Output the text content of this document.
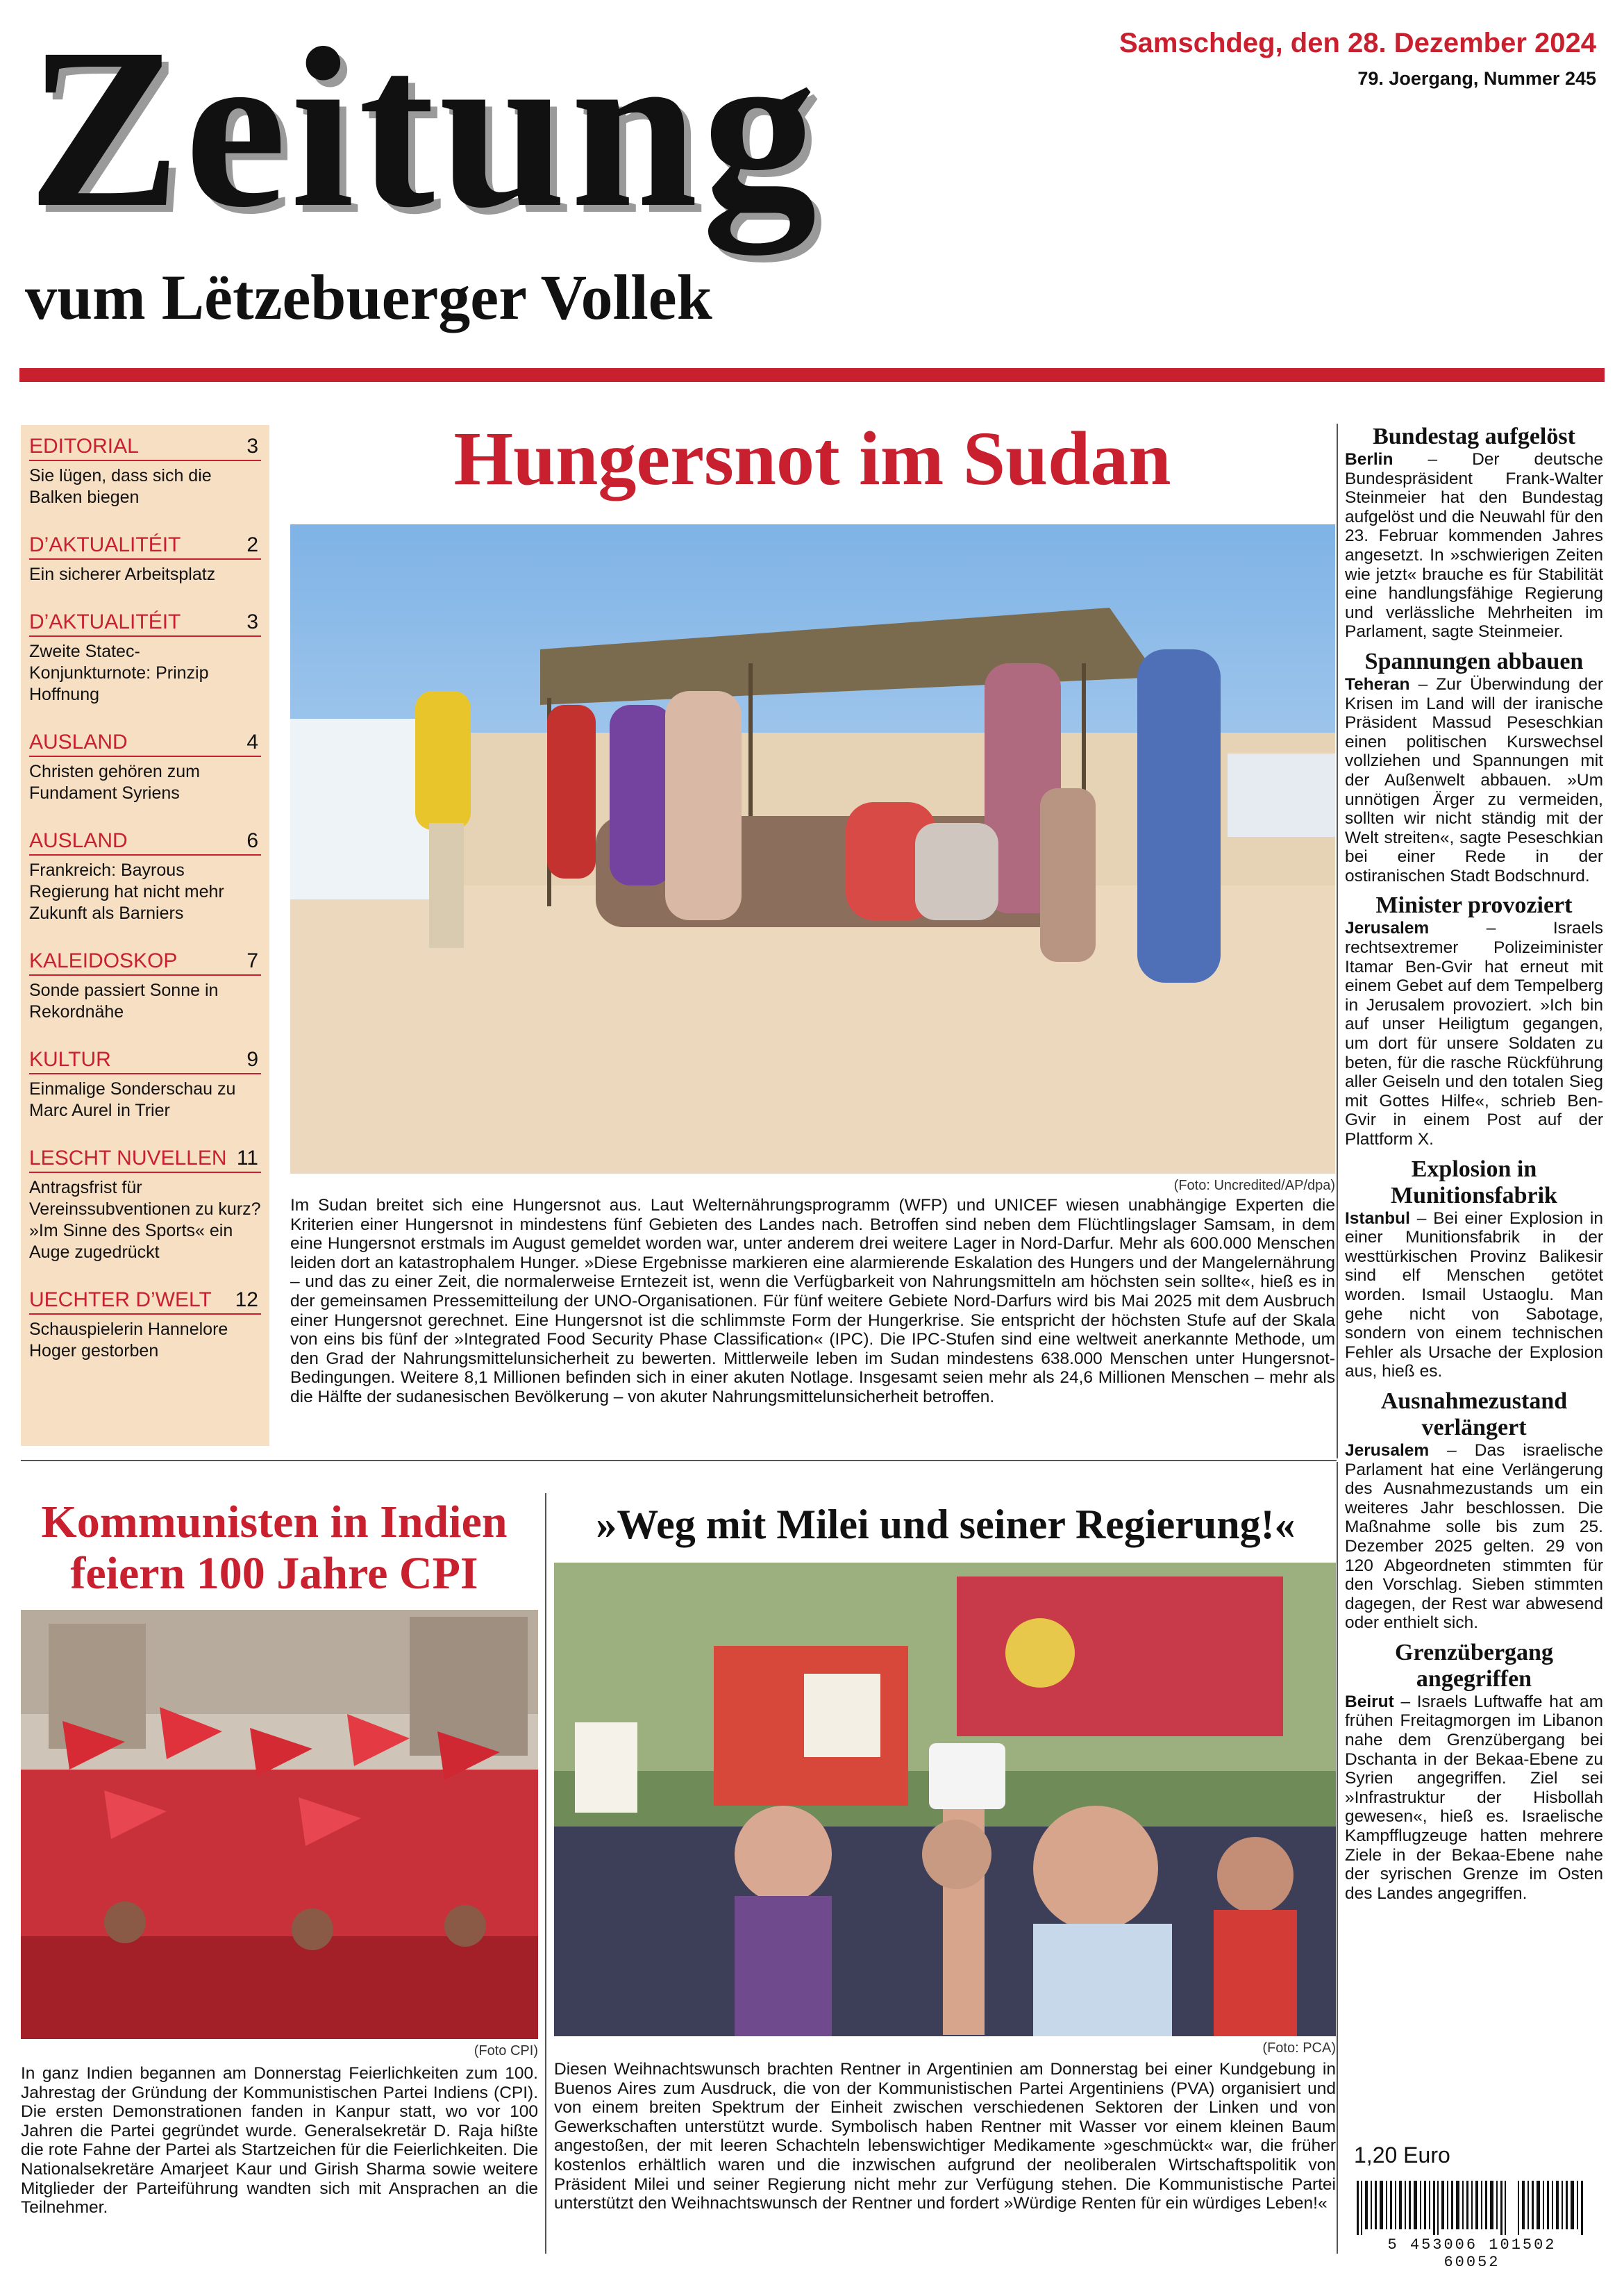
Zeitung
vum Lëtzebuerger Vollek
Samschdeg, den 28. Dezember 2024
79. Joergang, Nummer 245
EDITORIAL	3
Sie lügen, dass sich die Balken biegen
D’AKTUALITÉIT	2
Ein sicherer Arbeitsplatz
D’AKTUALITÉIT	3
Zweite Statec-Konjunkturnote: Prinzip Hoffnung
AUSLAND	4
Christen gehören zum Fundament Syriens
AUSLAND	6
Frankreich: Bayrous Regierung hat nicht mehr Zukunft als Barniers
KALEIDOSKOP	7
Sonde passiert Sonne in Rekordnähe
KULTUR	9
Einmalige Sonderschau zu Marc Aurel in Trier
LESCHT NUVELLEN 11
Antragsfrist für Vereinssubventionen zu kurz? »Im Sinne des Sports« ein Auge zugedrückt
UECHTER D’WELT 12
Schauspielerin Hannelore Hoger gestorben
Hungersnot im Sudan
(Foto: Uncredited/AP/dpa)
Im Sudan breitet sich eine Hungersnot aus. Laut Welternährungsprogramm (WFP) und UNICEF wiesen unabhängige Experten die Kriterien einer Hungersnot in mindestens fünf Gebieten des Landes nach. Betroffen sind neben dem Flüchtlingslager Samsam, in dem eine Hungersnot erstmals im August gemeldet worden war, unter anderem drei weitere Lager in Nord-Darfur. Mehr als 600.000 Menschen leiden dort an katastrophalem Hunger. »Diese Ergebnisse markieren eine alarmierende Eskalation des Hungers und der Mangelernährung – und das zu einer Zeit, die normalerweise Erntezeit ist, wenn die Verfügbarkeit von Nahrungsmitteln am höchsten sein sollte«, hieß es in der gemeinsamen Pressemitteilung der UNO-Organisationen. Für fünf weitere Gebiete Nord-Darfurs wird bis Mai 2025 mit dem Ausbruch einer Hungersnot gerechnet. Eine Hungersnot ist die schlimmste Form der Hungerkrise. Sie entspricht der höchsten Stufe auf der Skala von eins bis fünf der »Integrated Food Security Phase Classification« (IPC). Die IPC-Stufen sind eine weltweit anerkannte Methode, um den Grad der Nahrungsmittelunsicherheit zu bewerten. Mittlerweile leben im Sudan mindestens 638.000 Menschen unter Hungersnot-Bedingungen. Weitere 8,1 Millionen befinden sich in einer akuten Notlage. Insgesamt seien mehr als 24,6 Millionen Menschen – mehr als die Hälfte der sudanesischen Bevölkerung – von akuter Nahrungsmittelunsicherheit betroffen.
Bundestag aufgelöst
Berlin – Der deutsche Bundespräsident Frank-Walter Steinmeier hat den Bundestag aufgelöst und die Neuwahl für den 23. Februar kommenden Jahres angesetzt. In »schwierigen Zeiten wie jetzt« brauche es für Stabilität eine handlungsfähige Regierung und verlässliche Mehrheiten im Parlament, sagte Steinmeier.
Spannungen abbauen
Teheran – Zur Überwindung der Krisen im Land will der iranische Präsident Massud Peseschkian einen politischen Kurswechsel vollziehen und Spannungen mit der Außenwelt abbauen. »Um unnötigen Ärger zu vermeiden, sollten wir nicht ständig mit der Welt streiten«, sagte Peseschkian bei einer Rede in der ostiranischen Stadt Bodschnurd.
Minister provoziert
Jerusalem – Israels rechtsextremer Polizeiminister Itamar Ben-Gvir hat erneut mit einem Gebet auf dem Tempelberg in Jerusalem provoziert. »Ich bin auf unser Heiligtum gegangen, um dort für unsere Soldaten zu beten, für die rasche Rückführung aller Geiseln und den totalen Sieg mit Gottes Hilfe«, schrieb Ben-Gvir in einem Post auf der Plattform X.
Explosion in Munitionsfabrik
Istanbul – Bei einer Explosion in einer Munitionsfabrik in der westtürkischen Provinz Balikesir sind elf Menschen getötet worden. Ismail Ustaoglu. Man gehe nicht von Sabotage, sondern von einem technischen Fehler als Ursache der Explosion aus, hieß es.
Ausnahmezustand verlängert
Jerusalem – Das israelische Parlament hat eine Verlängerung des Ausnahmezustands um ein weiteres Jahr beschlossen. Die Maßnahme solle bis zum 25. Dezember 2025 gelten. 29 von 120 Abgeordneten stimmten für den Vorschlag. Sieben stimmten dagegen, der Rest war abwesend oder enthielt sich.
Grenzübergang angegriffen
Beirut – Israels Luftwaffe hat am frühen Freitagmorgen im Libanon nahe dem Grenzübergang bei Dschanta in der Bekaa-Ebene zu Syrien angegriffen. Ziel sei »Infrastruktur der Hisbollah gewesen«, hieß es. Israelische Kampfflugzeuge hatten mehrere Ziele in der Bekaa-Ebene nahe der syrischen Grenze im Osten des Landes angegriffen.
Kommunisten in Indien feiern 100 Jahre CPI
(Foto CPI)
In ganz Indien begannen am Donnerstag Feierlichkeiten zum 100. Jahrestag der Gründung der Kommunistischen Partei Indiens (CPI). Die ersten Demonstrationen fanden in Kanpur statt, wo vor 100 Jahren die Partei gegründet wurde. Generalsekretär D. Raja hißte die rote Fahne der Partei als Startzeichen für die Feierlichkeiten. Die Nationalsekretäre Amarjeet Kaur und Girish Sharma sowie weitere Mitglieder der Parteiführung wandten sich mit Ansprachen an die Teilnehmer.
»Weg mit Milei und seiner Regierung!«
(Foto: PCA)
Diesen Weihnachtswunsch brachten Rentner in Argentinien am Donnerstag bei einer Kundgebung in Buenos Aires zum Ausdruck, die von der Kommunistischen Partei Argentiniens (PVA) organisiert und von einem breiten Spektrum der Einheit zwischen verschiedenen Sektoren der Linken und von Gewerkschaften unterstützt wurde. Symbolisch haben Rentner mit Wasser vor einem kleinen Baum angestoßen, der mit leeren Schachteln lebenswichtiger Medikamente »geschmückt« war, die früher kostenlos erhältlich waren und die inzwischen aufgrund der neoliberalen Wirtschaftspolitik von Präsident Milei und seiner Regierung nicht mehr zur Verfügung stehen. Die Kommunistische Partei unterstützt den Weihnachtswunsch der Rentner und fordert »Würdige Renten für ein würdiges Leben!«
1,20 Euro
5 453006 101502 60052
